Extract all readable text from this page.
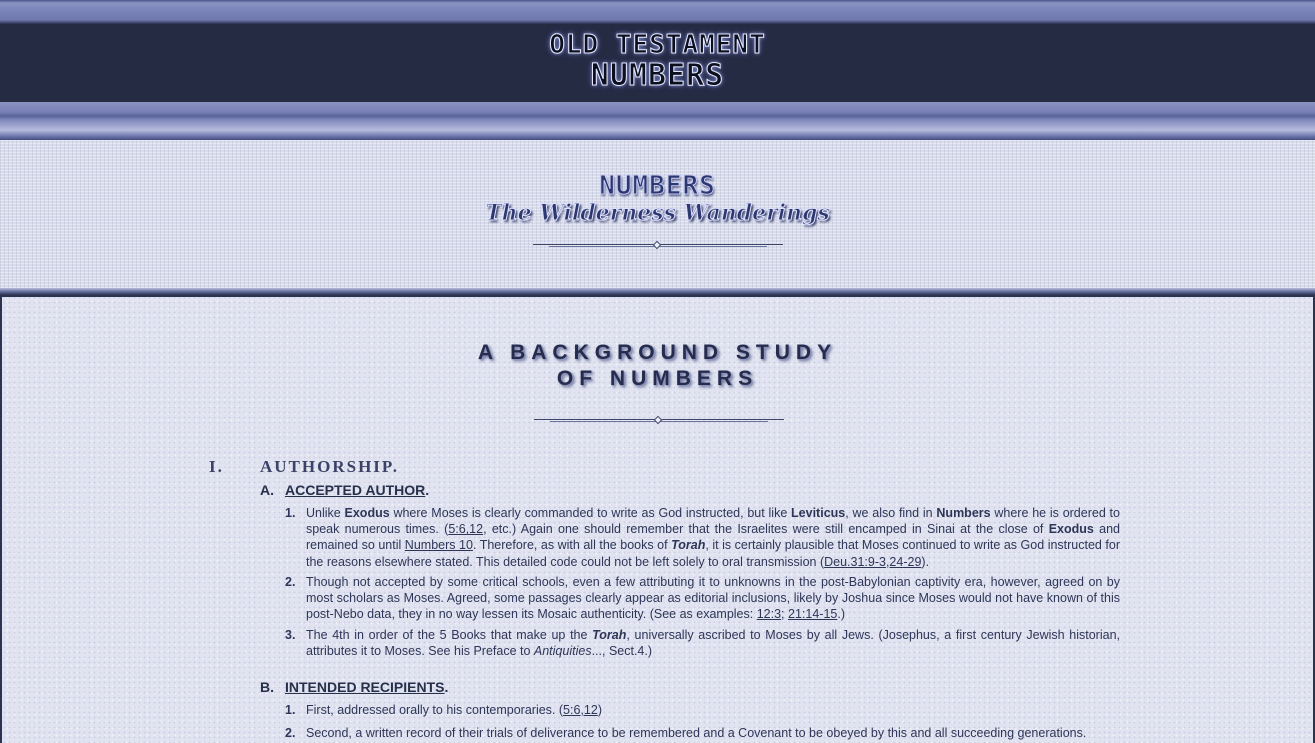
OLD TESTAMENT
NUMBERS
NUMBERS
The Wilderness Wanderings
A BACKGROUND STUDY
OF NUMBERS
I. AUTHORSHIP.
A. ACCEPTED AUTHOR.
1. Unlike Exodus where Moses is clearly commanded to write as God instructed, but like Leviticus, we also find in Numbers where he is ordered to speak numerous times. (5:6,12, etc.) Again one should remember that the Israelites were still encamped in Sinai at the close of Exodus and remained so until Numbers 10. Therefore, as with all the books of Torah, it is certainly plausible that Moses continued to write as God instructed for the reasons elsewhere stated. This detailed code could not be left solely to oral transmission (Deu.31:9-3,24-29).
2. Though not accepted by some critical schools, even a few attributing it to unknowns in the post-Babylonian captivity era, however, agreed on by most scholars as Moses. Agreed, some passages clearly appear as editorial inclusions, likely by Joshua since Moses would not have known of this post-Nebo data, they in no way lessen its Mosaic authenticity. (See as examples: 12:3; 21:14-15.)
3. The 4th in order of the 5 Books that make up the Torah, universally ascribed to Moses by all Jews. (Josephus, a first century Jewish historian, attributes it to Moses. See his Preface to Antiquities..., Sect.4.)
B. INTENDED RECIPIENTS.
1. First, addressed orally to his contemporaries. (5:6,12)
2. Second, a written record of their trials of deliverance to be remembered and a Covenant to be obeyed by this and all succeeding generations.
